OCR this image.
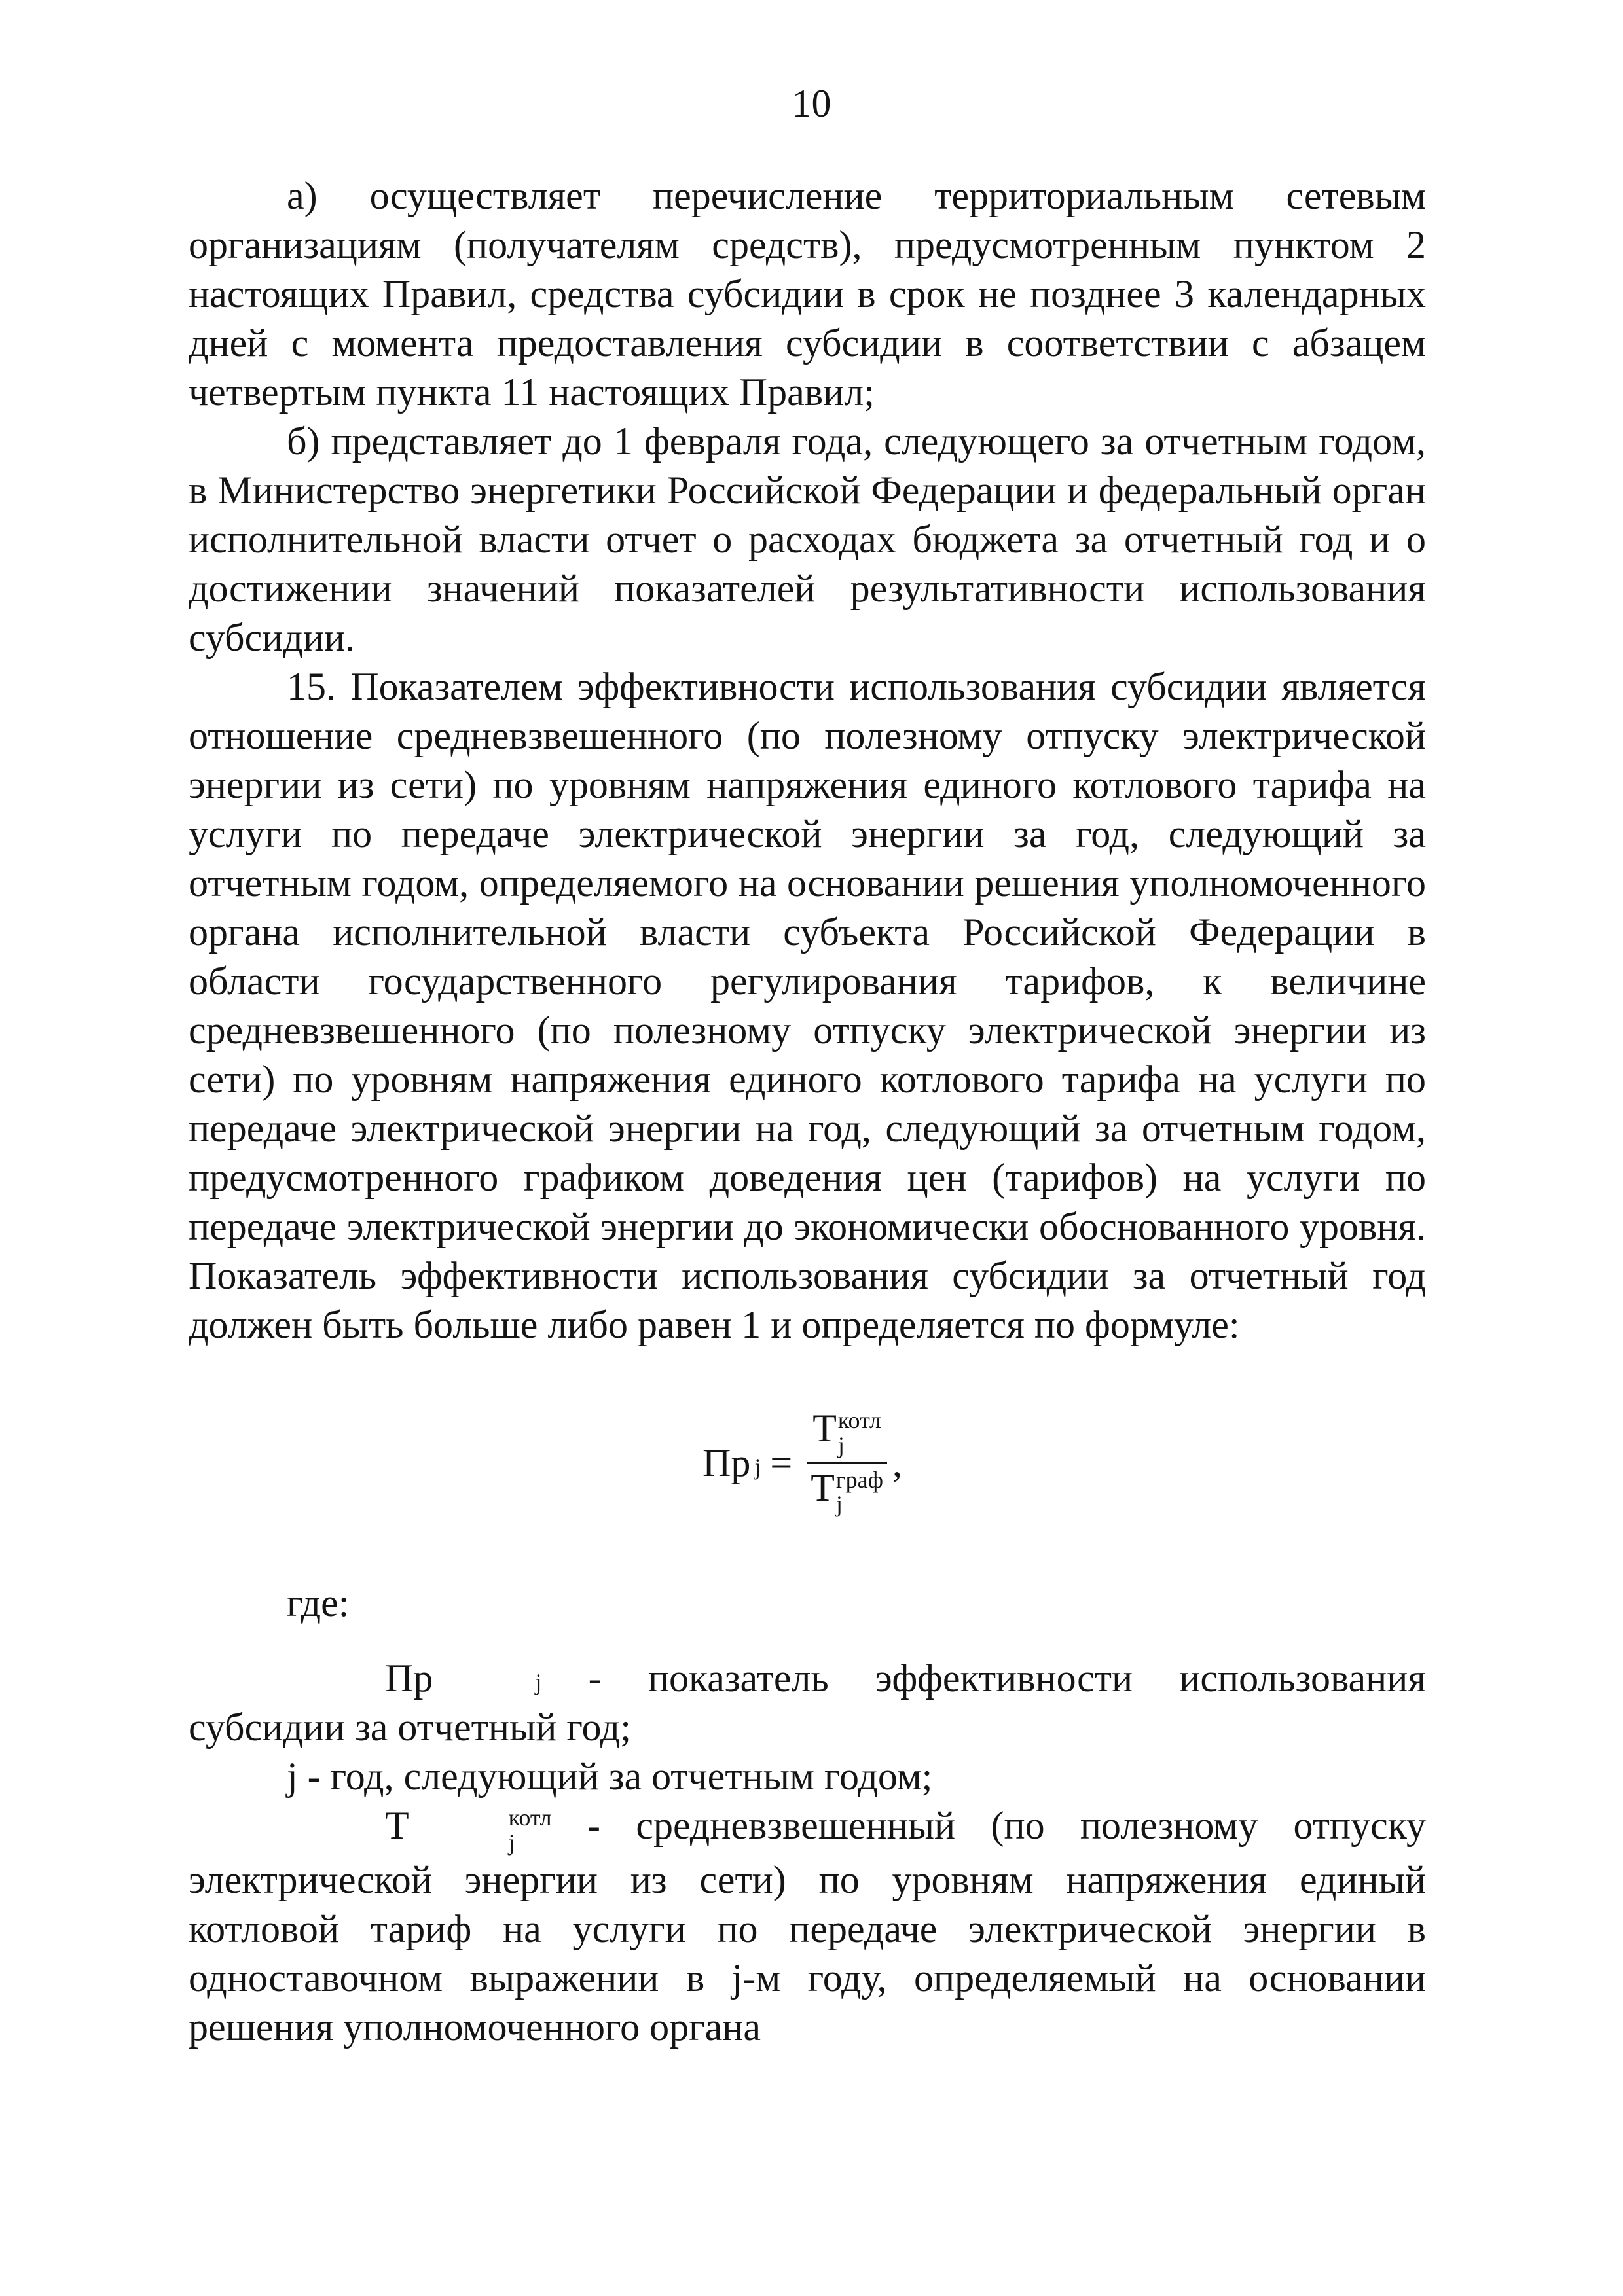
10

а) осуществляет перечисление территориальным сетевым организациям (получателям средств), предусмотренным пунктом 2 настоящих Правил, средства субсидии в срок не позднее 3 календарных дней с момента предоставления субсидии в соответствии с абзацем четвертым пункта 11 настоящих Правил;

б) представляет до 1 февраля года, следующего за отчетным годом, в Министерство энергетики Российской Федерации и федеральный орган исполнительной власти отчет о расходах бюджета за отчетный год и о достижении значений показателей результативности использования субсидии.

15. Показателем эффективности использования субсидии является отношение средневзвешенного (по полезному отпуску электрической энергии из сети) по уровням напряжения единого котлового тарифа на услуги по передаче электрической энергии за год, следующий за отчетным годом, определяемого на основании решения уполномоченного органа исполнительной власти субъекта Российской Федерации в области государственного регулирования тарифов, к величине средневзвешенного (по полезному отпуску электрической энергии из сети) по уровням напряжения единого котлового тарифа на услуги по передаче электрической энергии на год, следующий за отчетным годом, предусмотренного графиком доведения цен (тарифов) на услуги по передаче электрической энергии до экономически обоснованного уровня. Показатель эффективности использования субсидии за отчетный год должен быть больше либо равен 1 и определяется по формуле:

Пр j = Т котл
j
Т граф
j ,

где:

Пр	j - показатель эффективности использования субсидии за отчетный год;

j - год, следующий за отчетным годом;

Т	котл
j	- средневзвешенный (по полезному отпуску электрической энергии из сети) по уровням напряжения единый котловой тариф на услуги по передаче электрической энергии в одноставочном выражении в j-м году, определяемый на основании решения уполномоченного органа
